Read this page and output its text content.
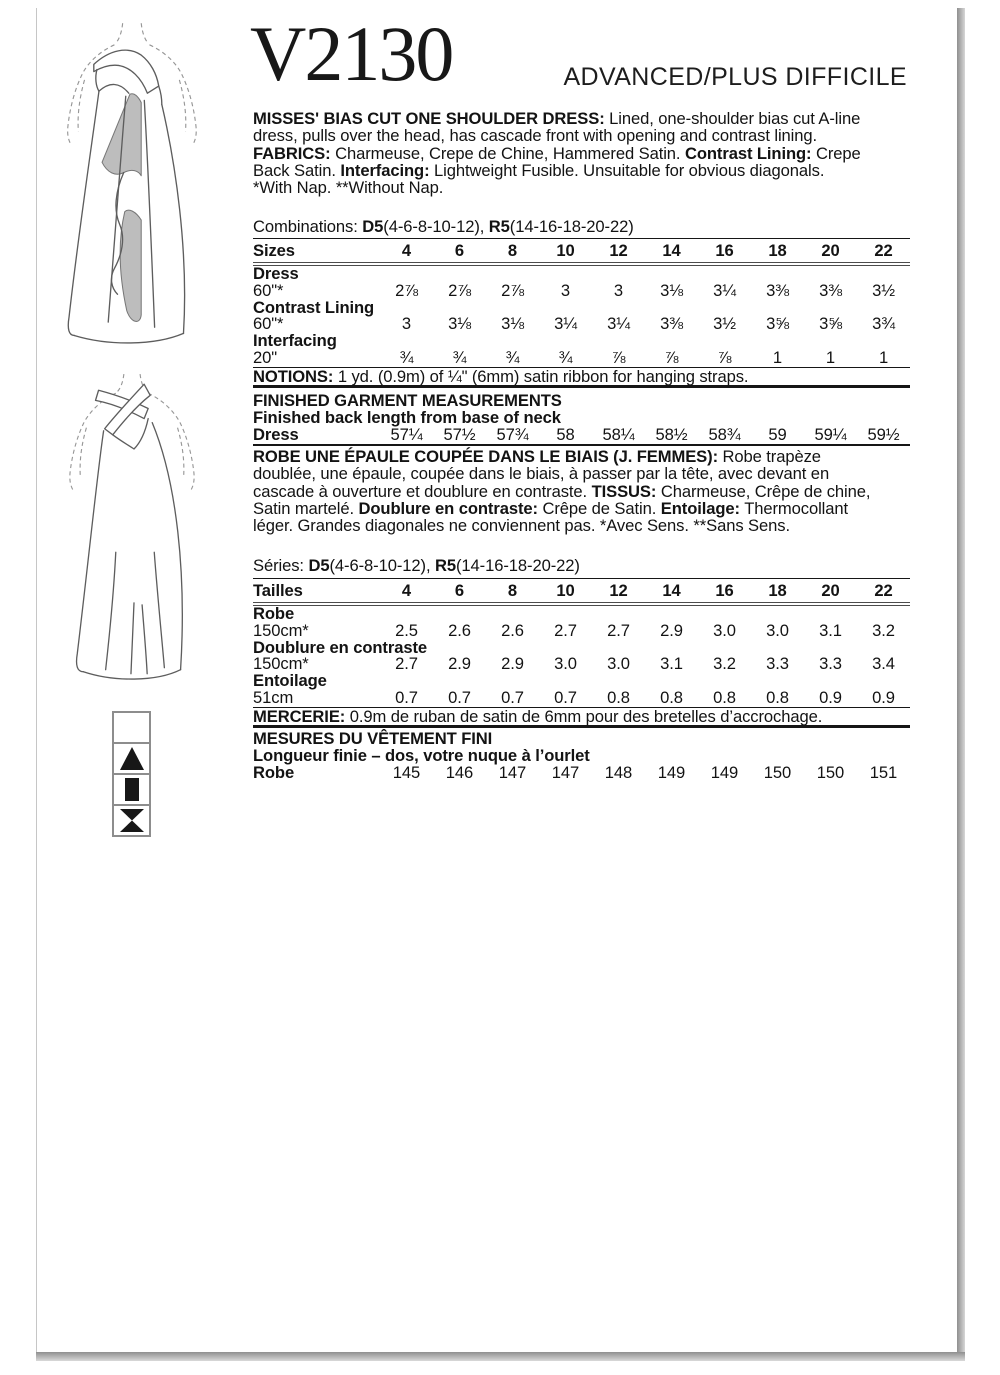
V2130	ADVANCED/PLUS DIFFICILE
MISSES' BIAS CUT ONE SHOULDER DRESS: Lined, one-shoulder bias cut A-line
dress, pulls over the head, has cascade front with opening and contrast lining.
FABRICS: Charmeuse, Crepe de Chine, Hammered Satin. Contrast Lining: Crepe
Back Satin. Interfacing: Lightweight Fusible. Unsuitable for obvious diagonals.
*With Nap. **Without Nap.
Combinations: D5(4-6-8-10-12), R5(14-16-18-20-22)
Sizes	4	6	8	10	12	14	16	18	20	22
Dress										
60"*	2⅞	2⅞	2⅞	3	3	3⅛	3¼	3⅜	3⅜	3½
Contrast Lining										
60"*	3	3⅛	3⅛	3¼	3¼	3⅜	3½	3⅝	3⅝	3¾
Interfacing										
20"	¾	¾	¾	¾	⅞	⅞	⅞	1	1	1
NOTIONS: 1 yd. (0.9m) of ¼" (6mm) satin ribbon for hanging straps.
FINISHED GARMENT MEASUREMENTS
Finished back length from base of neck
Dress	57¼	57½	57¾	58	58¼	58½	58¾	59	59¼	59½
ROBE UNE ÉPAULE COUPÉE DANS LE BIAIS (J. FEMMES): Robe trapèze
doublée, une épaule, coupée dans le biais, à passer par la tête, avec devant en
cascade à ouverture et doublure en contraste. TISSUS: Charmeuse, Crêpe de chine,
Satin martelé. Doublure en contraste: Crêpe de Satin. Entoilage: Thermocollant
léger. Grandes diagonales ne conviennent pas. *Avec Sens. **Sans Sens.
Séries: D5(4-6-8-10-12), R5(14-16-18-20-22)
Tailles	4	6	8	10	12	14	16	18	20	22
Robe										
150cm*	2.5	2.6	2.6	2.7	2.7	2.9	3.0	3.0	3.1	3.2
Doublure en contraste										
150cm*	2.7	2.9	2.9	3.0	3.0	3.1	3.2	3.3	3.3	3.4
Entoilage										
51cm	0.7	0.7	0.7	0.7	0.8	0.8	0.8	0.8	0.9	0.9
MERCERIE: 0.9m de ruban de satin de 6mm pour des bretelles d’accrochage.
MESURES DU VÊTEMENT FINI
Longueur finie – dos, votre nuque à l’ourlet
Robe	145	146	147	147	148	149	149	150	150	151
